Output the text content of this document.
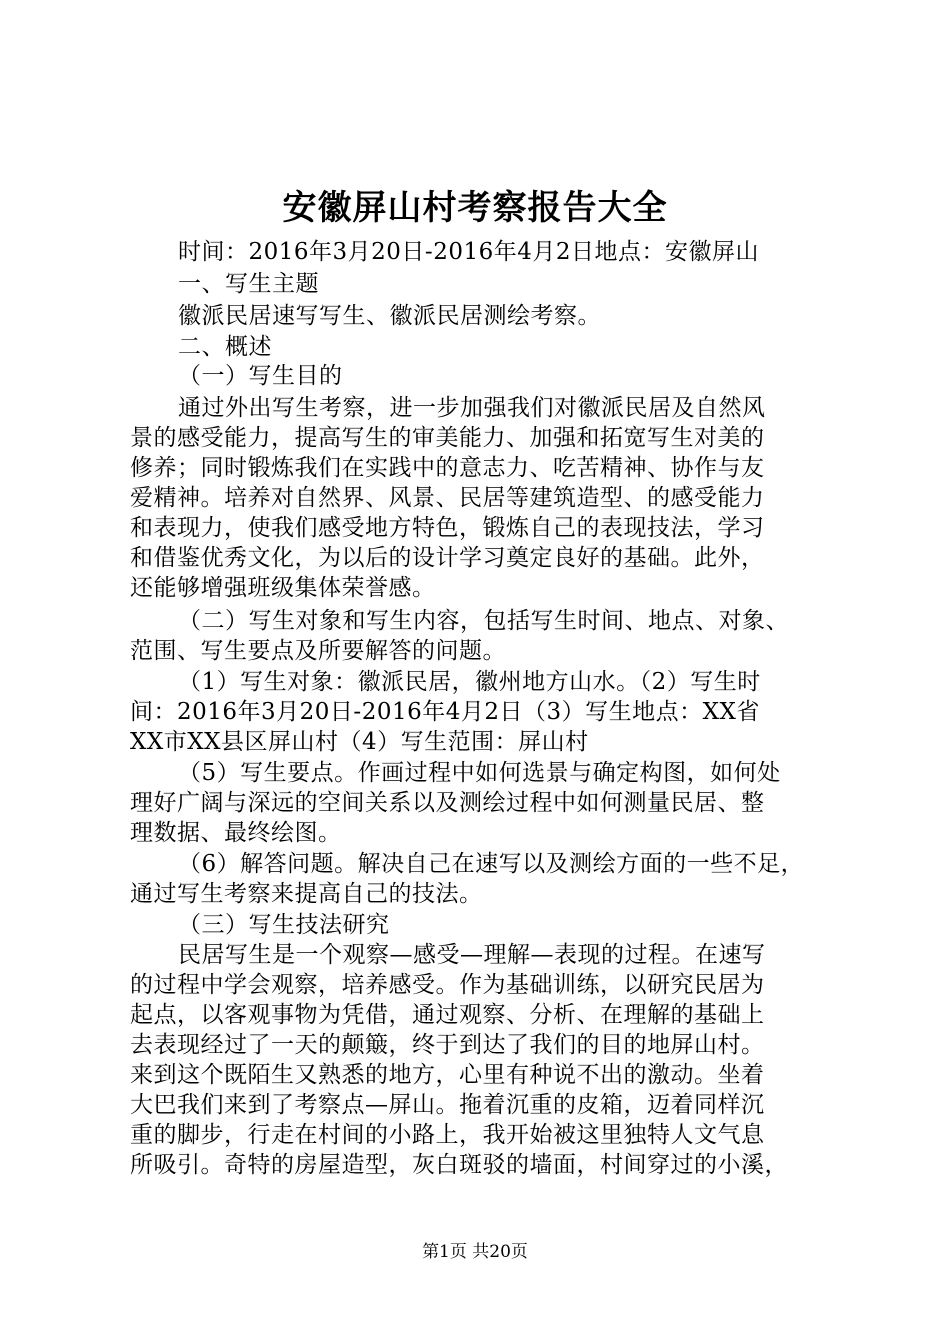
安徽屏山村考察报告大全
时间：2016年3月20日-2016年4月2日地点：安徽屏山
一、写生主题
徽派民居速写写生、徽派民居测绘考察。
二、概述
（一）写生目的
通过外出写生考察，进一步加强我们对徽派民居及自然风
景的感受能力，提高写生的审美能力、加强和拓宽写生对美的
修养；同时锻炼我们在实践中的意志力、吃苦精神、协作与友
爱精神。培养对自然界、风景、民居等建筑造型、的感受能力
和表现力，使我们感受地方特色，锻炼自己的表现技法，学习
和借鉴优秀文化，为以后的设计学习奠定良好的基础。此外，
还能够增强班级集体荣誉感。
（二）写生对象和写生内容，包括写生时间、地点、对象、
范围、写生要点及所要解答的问题。
（1）写生对象：徽派民居，徽州地方山水。（2）写生时
间：2016年3月20日-2016年4月2日（3）写生地点：XX省
XX市XX县区屏山村（4）写生范围：屏山村
（5）写生要点。作画过程中如何选景与确定构图，如何处
理好广阔与深远的空间关系以及测绘过程中如何测量民居、整
理数据、最终绘图。
（6）解答问题。解决自己在速写以及测绘方面的一些不足，
通过写生考察来提高自己的技法。
（三）写生技法研究
民居写生是一个观察—感受—理解—表现的过程。在速写
的过程中学会观察，培养感受。作为基础训练，以研究民居为
起点，以客观事物为凭借，通过观察、分析、在理解的基础上
去表现经过了一天的颠簸，终于到达了我们的目的地屏山村。
来到这个既陌生又熟悉的地方，心里有种说不出的激动。坐着
大巴我们来到了考察点—屏山。拖着沉重的皮箱，迈着同样沉
重的脚步，行走在村间的小路上，我开始被这里独特人文气息
所吸引。奇特的房屋造型，灰白斑驳的墙面，村间穿过的小溪，
第1页 共20页
